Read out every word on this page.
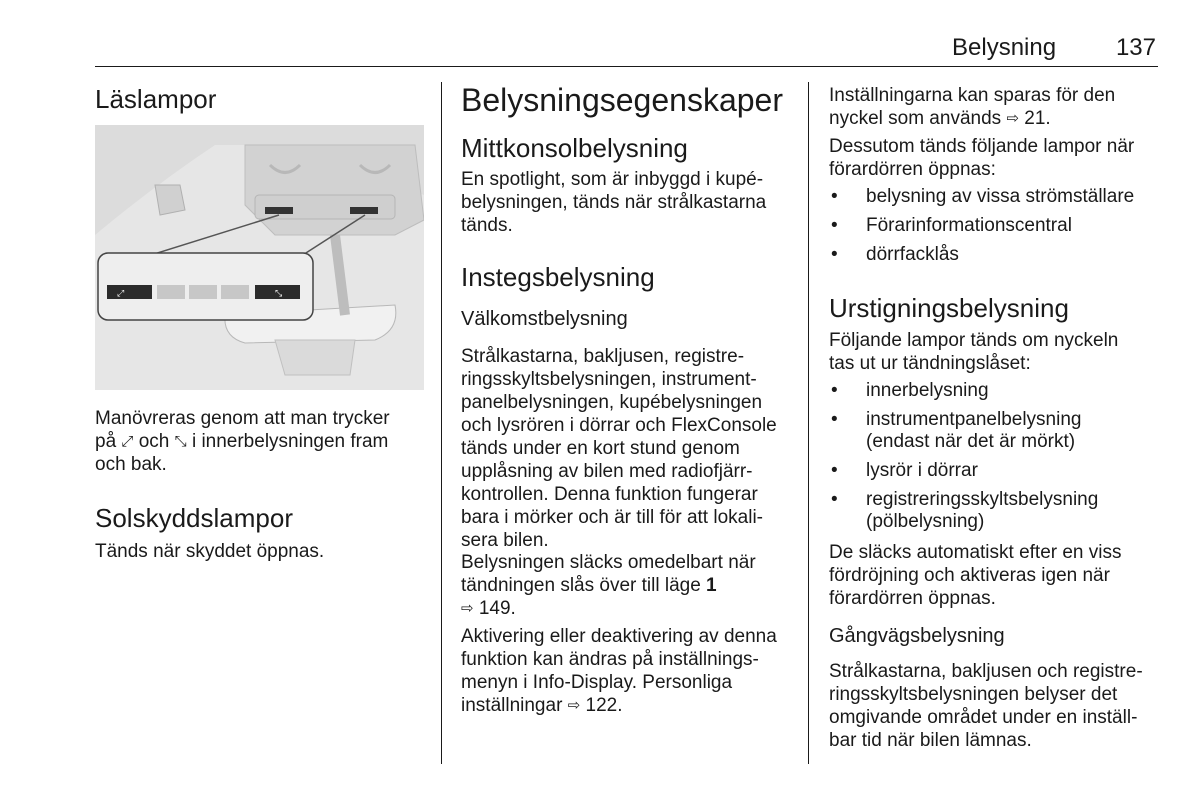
Belysning 137
Läslampor
⤢	⤡
Manövreras genom att man trycker
på ⤢ och ⤡ i innerbelysningen fram
och bak.
Solskyddslampor
Tänds när skyddet öppnas.
Belysningsegenskaper
Mittkonsolbelysning
En spotlight, som är inbyggd i kupé-
belysningen, tänds när strålkastarna
tänds.
Instegsbelysning
Välkomstbelysning
Strålkastarna, bakljusen, registre-
ringsskyltsbelysningen, instrument-
panelbelysningen, kupébelysningen
och lysrören i dörrar och FlexConsole
tänds under en kort stund genom
upplåsning av bilen med radiofjärr-
kontrollen. Denna funktion fungerar
bara i mörker och är till för att lokali-
sera bilen.
Belysningen släcks omedelbart när
tändningen slås över till läge 1
⇨ 149.
Aktivering eller deaktivering av denna
funktion kan ändras på inställnings-
menyn i Info-Display. Personliga
inställningar ⇨ 122.
Inställningarna kan sparas för den
nyckel som används ⇨ 21.
Dessutom tänds följande lampor när
förardörren öppnas:
• belysning av vissa strömställare
• Förarinformationscentral
• dörrfacklås
Urstigningsbelysning
Följande lampor tänds om nyckeln
tas ut ur tändningslåset:
• innerbelysning
• instrumentpanelbelysning
(endast när det är mörkt)
• lysrör i dörrar
• registreringsskyltsbelysning
(pölbelysning)
De släcks automatiskt efter en viss
fördröjning och aktiveras igen när
förardörren öppnas.
Gångvägsbelysning
Strålkastarna, bakljusen och registre-
ringsskyltsbelysningen belyser det
omgivande området under en inställ-
bar tid när bilen lämnas.
